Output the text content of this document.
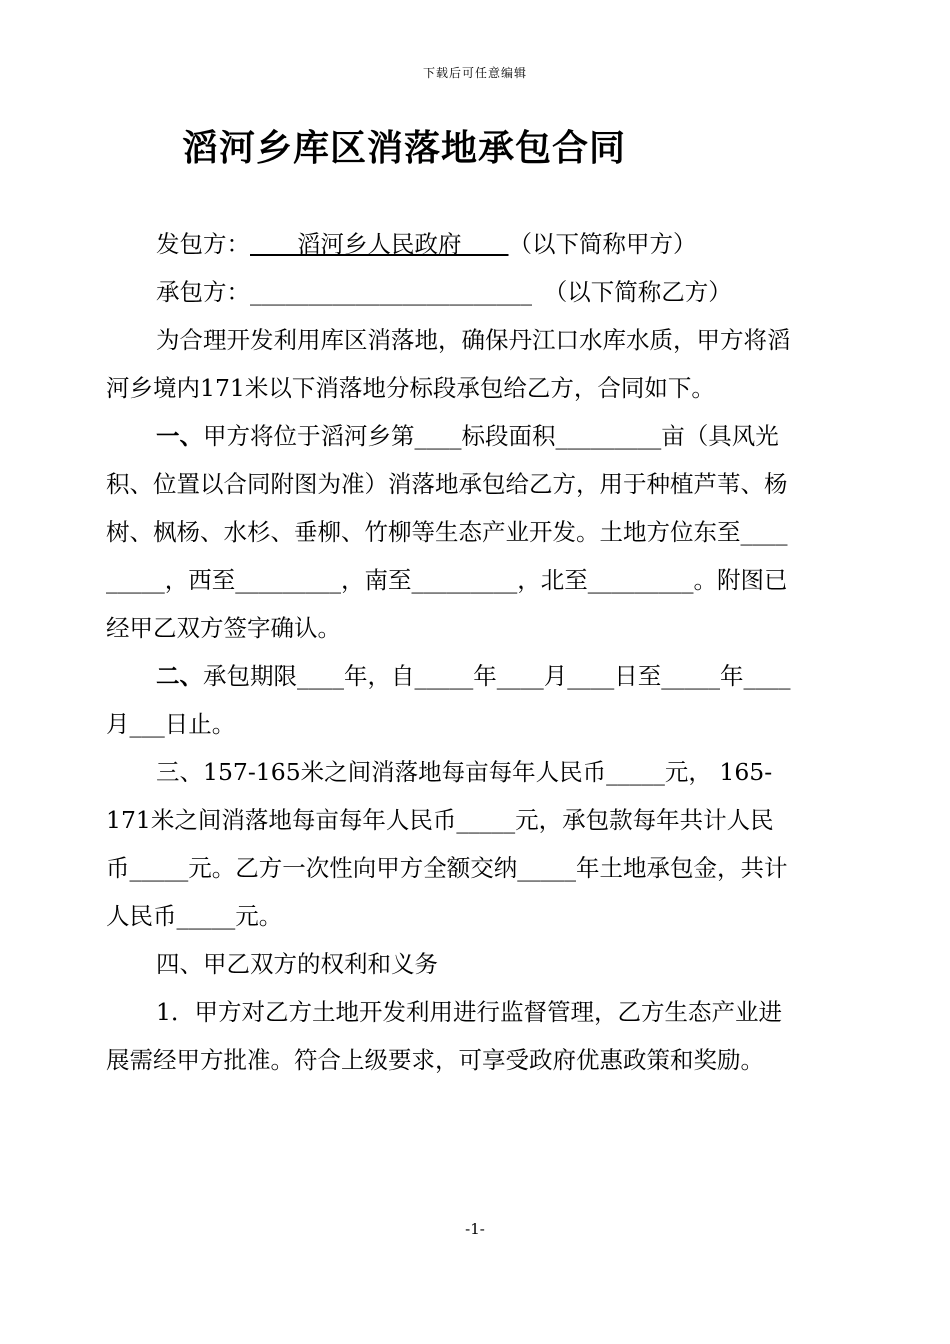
下载后可任意编辑
滔河乡库区消落地承包合同
发包方：   滔河乡人民政府   （以下简称甲方）
承包方：________________________  （以下简称乙方）
为合理开发利用库区消落地，确保丹江口水库水质，甲方将滔
河乡境内171米以下消落地分标段承包给乙方，合同如下。
一、甲方将位于滔河乡第____标段面积_________亩（具风光
积、位置以合同附图为准）消落地承包给乙方，用于种植芦苇、杨
树、枫杨、水杉、垂柳、竹柳等生态产业开发。土地方位东至____
_____，西至_________，南至_________，北至_________。附图已
经甲乙双方签字确认。
二、承包期限____年，自_____年____月____日至_____年____
月___日止。
三、157-165米之间消落地每亩每年人民币_____元， 165-
171米之间消落地每亩每年人民币_____元，承包款每年共计人民
币_____元。乙方一次性向甲方全额交纳_____年土地承包金，共计
人民币_____元。
四、甲乙双方的权利和义务
1．甲方对乙方土地开发利用进行监督管理，乙方生态产业进
展需经甲方批准。符合上级要求，可享受政府优惠政策和奖励。
-1-
